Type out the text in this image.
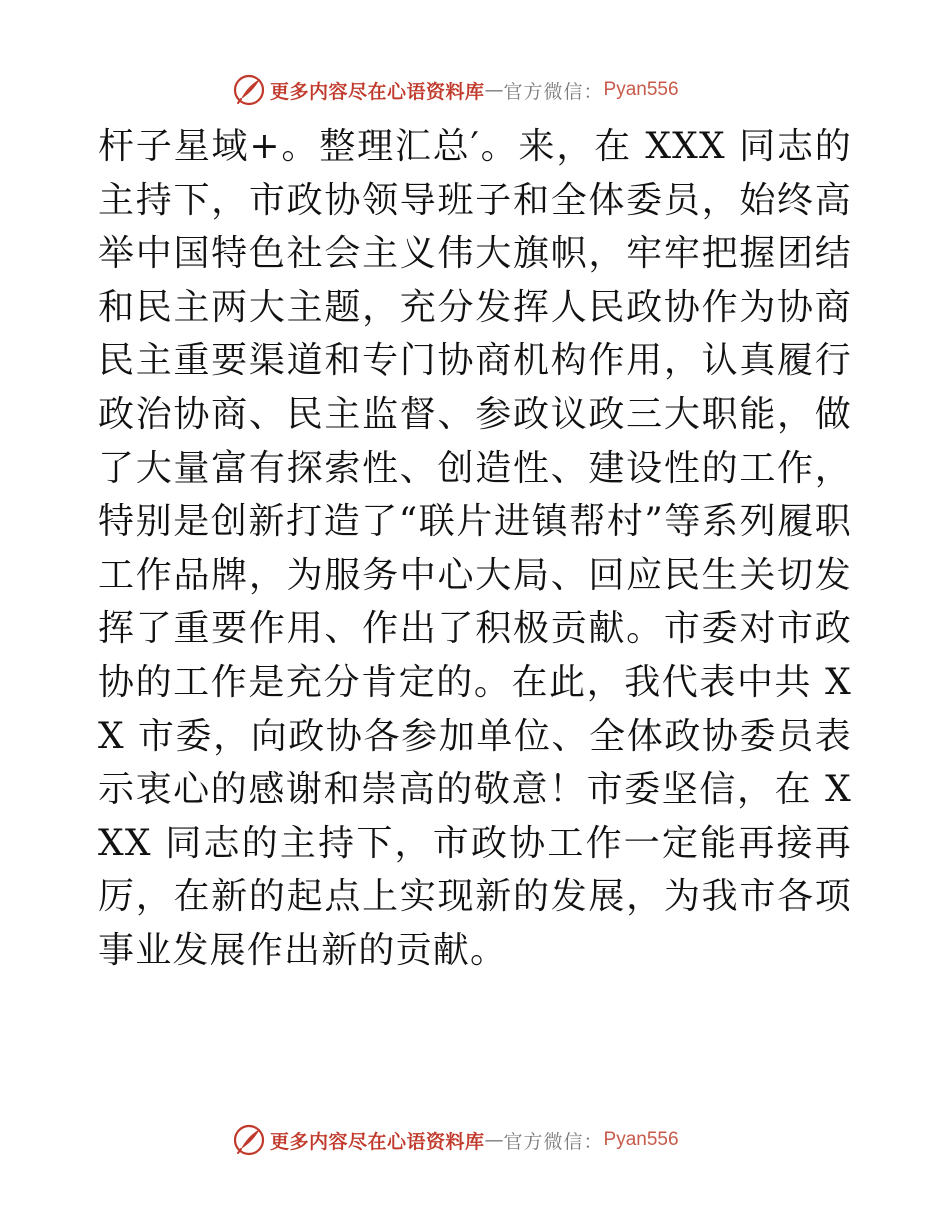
更多内容尽在心语资料库 — 官方微信： Pyan556

杆子星域+。整理汇总′。来，在 XXX 同志的主持下，市政协领导班子和全体委员，始终高举中国特色社会主义伟大旗帜，牢牢把握团结和民主两大主题，充分发挥人民政协作为协商民主重要渠道和专门协商机构作用，认真履行政治协商、民主监督、参政议政三大职能，做了大量富有探索性、创造性、建设性的工作，特别是创新打造了“联片进镇帮村”等系列履职工作品牌，为服务中心大局、回应民生关切发挥了重要作用、作出了积极贡献。市委对市政协的工作是充分肯定的。在此，我代表中共 XX 市委，向政协各参加单位、全体政协委员表示衷心的感谢和崇高的敬意！市委坚信，在 XXX 同志的主持下，市政协工作一定能再接再厉，在新的起点上实现新的发展，为我市各项事业发展作出新的贡献。

更多内容尽在心语资料库 — 官方微信： Pyan556
